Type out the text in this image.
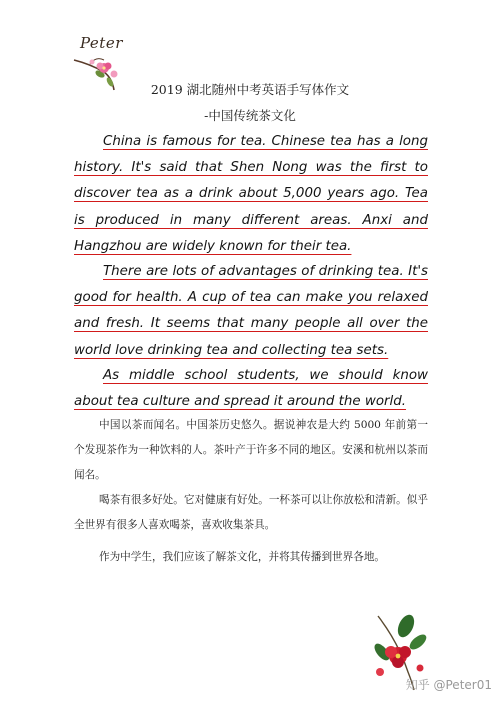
Peter
2019 湖北随州中考英语手写体作文
-中国传统茶文化

China is famous for tea. Chinese tea has a long history. It's said that Shen Nong was the first to discover tea as a drink about 5,000 years ago. Tea is produced in many different areas. Anxi and Hangzhou are widely known for their tea.

There are lots of advantages of drinking tea. It's good for health. A cup of tea can make you relaxed and fresh. It seems that many people all over the world love drinking tea and collecting tea sets.

As middle school students, we should know about tea culture and spread it around the world.

中国以茶而闻名。中国茶历史悠久。据说神农是大约 5000 年前第一个发现茶作为一种饮料的人。茶叶产于许多不同的地区。安溪和杭州以茶而闻名。

喝茶有很多好处。它对健康有好处。一杯茶可以让你放松和清新。似乎全世界有很多人喜欢喝茶，喜欢收集茶具。

作为中学生，我们应该了解茶文化，并将其传播到世界各地。

知乎 @Peter01
